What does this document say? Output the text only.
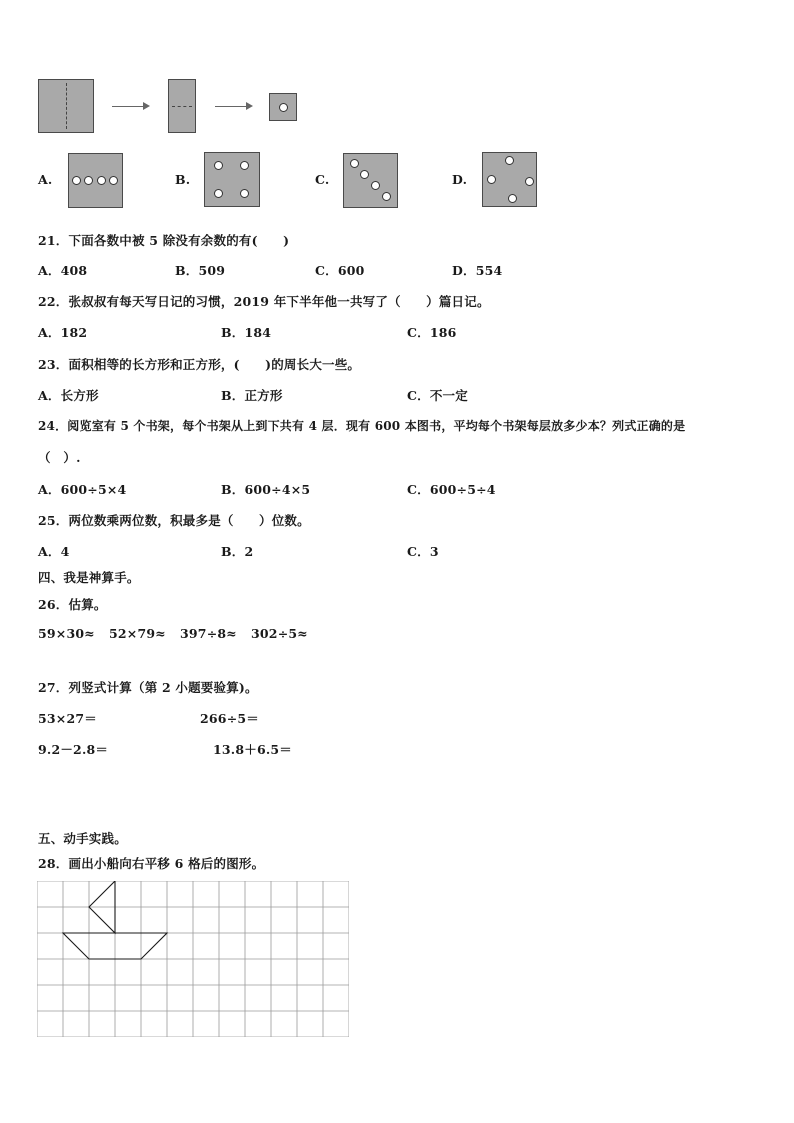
A.	B.	C.	D.
21．下面各数中被 5 除没有余数的有(　　)
A．408	B．509	C．600	D．554
22．张叔叔有每天写日记的习惯，2019 年下半年他一共写了（　　）篇日记。
A．182	B．184	C．186
23．面积相等的长方形和正方形，(　　)的周长大一些。
A．长方形	B．正方形	C．不一定
24．阅览室有 5 个书架，每个书架从上到下共有 4 层．现有 600 本图书，平均每个书架每层放多少本？列式正确的是
（　）.
A．600÷5×4	B．600÷4×5	C．600÷5÷4
25．两位数乘两位数，积最多是（　　）位数。
A．4	B．2	C．3
四、我是神算手。
26．估算。
59×30≈ 52×79≈ 397÷8≈ 302÷5≈
27．列竖式计算（第 2 小题要验算)。
53×27＝	266÷5＝
9.2－2.8＝	13.8＋6.5＝
五、动手实践。
28．画出小船向右平移 6 格后的图形。
